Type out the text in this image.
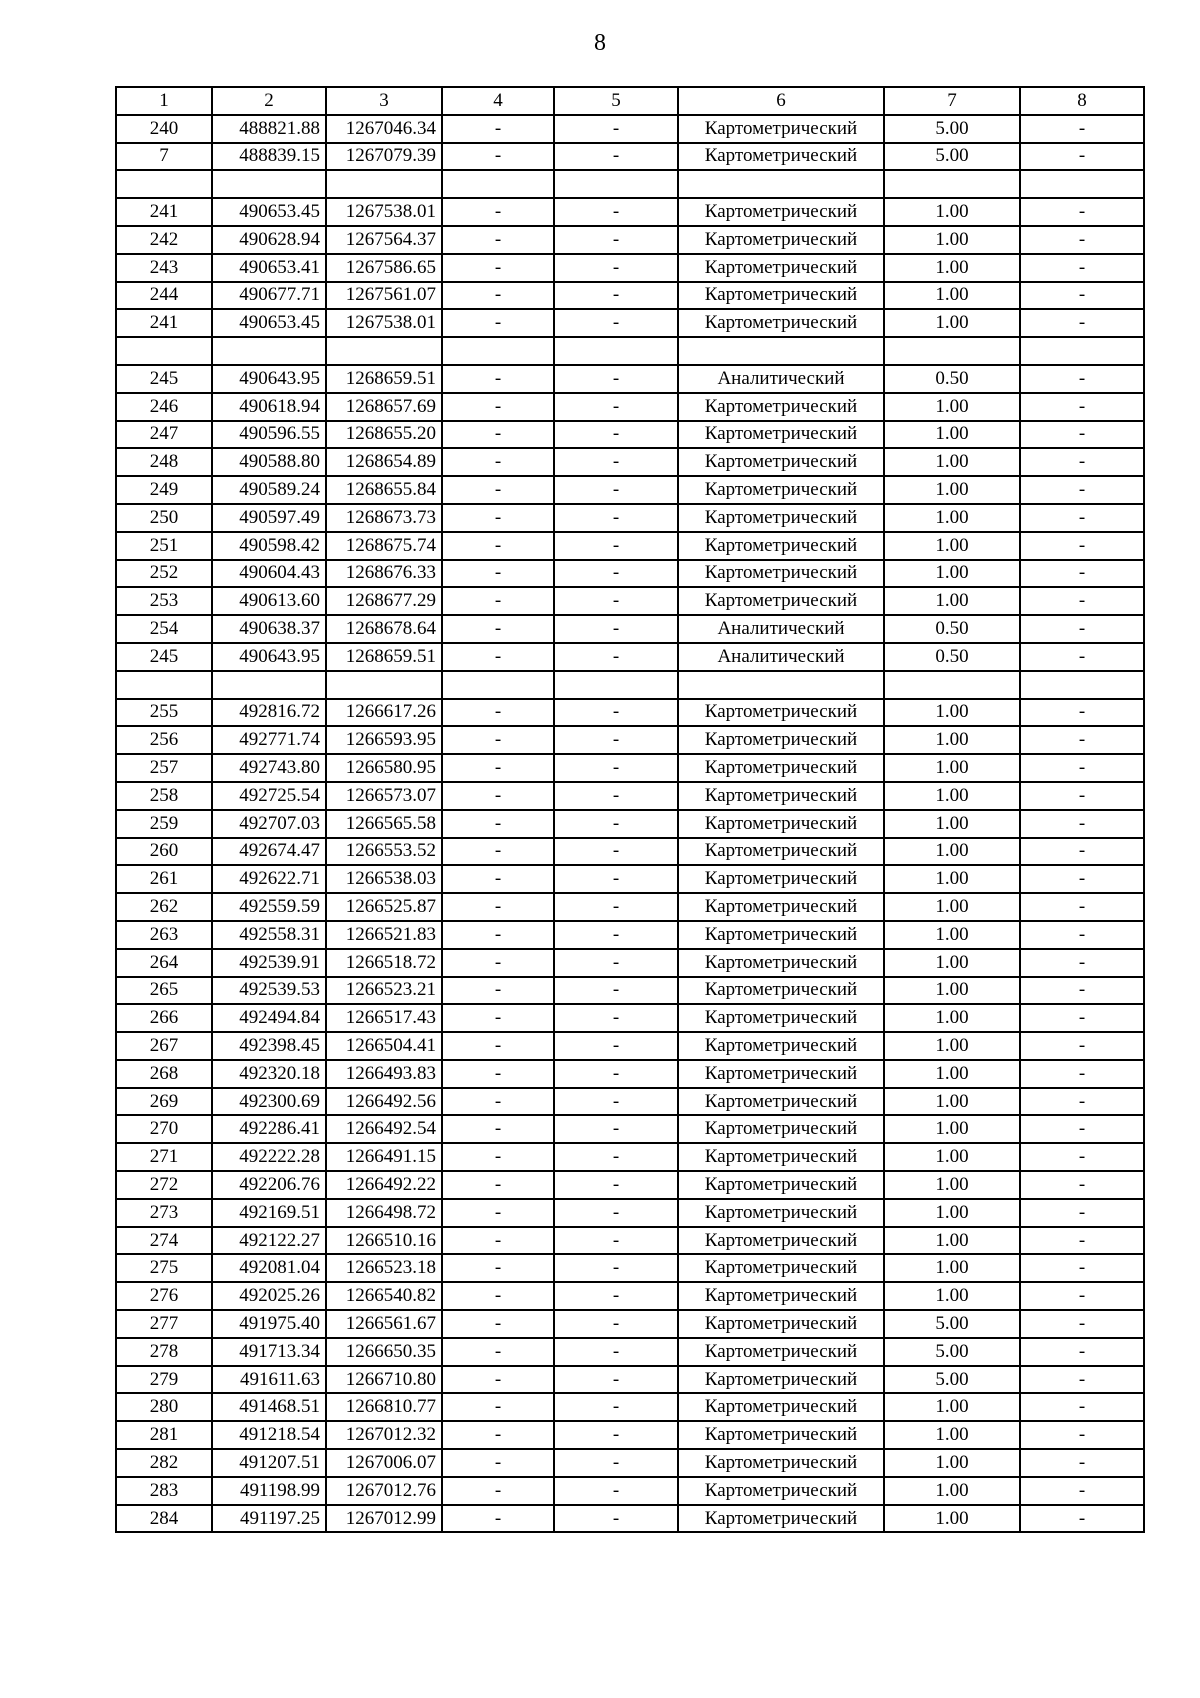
8
1	2	3	4	5	6	7	8
240	488821.88	1267046.34	-	-	Картометрический	5.00	-
7	488839.15	1267079.39	-	-	Картометрический	5.00	-

241	490653.45	1267538.01	-	-	Картометрический	1.00	-
242	490628.94	1267564.37	-	-	Картометрический	1.00	-
243	490653.41	1267586.65	-	-	Картометрический	1.00	-
244	490677.71	1267561.07	-	-	Картометрический	1.00	-
241	490653.45	1267538.01	-	-	Картометрический	1.00	-

245	490643.95	1268659.51	-	-	Аналитический	0.50	-
246	490618.94	1268657.69	-	-	Картометрический	1.00	-
247	490596.55	1268655.20	-	-	Картометрический	1.00	-
248	490588.80	1268654.89	-	-	Картометрический	1.00	-
249	490589.24	1268655.84	-	-	Картометрический	1.00	-
250	490597.49	1268673.73	-	-	Картометрический	1.00	-
251	490598.42	1268675.74	-	-	Картометрический	1.00	-
252	490604.43	1268676.33	-	-	Картометрический	1.00	-
253	490613.60	1268677.29	-	-	Картометрический	1.00	-
254	490638.37	1268678.64	-	-	Аналитический	0.50	-
245	490643.95	1268659.51	-	-	Аналитический	0.50	-

255	492816.72	1266617.26	-	-	Картометрический	1.00	-
256	492771.74	1266593.95	-	-	Картометрический	1.00	-
257	492743.80	1266580.95	-	-	Картометрический	1.00	-
258	492725.54	1266573.07	-	-	Картометрический	1.00	-
259	492707.03	1266565.58	-	-	Картометрический	1.00	-
260	492674.47	1266553.52	-	-	Картометрический	1.00	-
261	492622.71	1266538.03	-	-	Картометрический	1.00	-
262	492559.59	1266525.87	-	-	Картометрический	1.00	-
263	492558.31	1266521.83	-	-	Картометрический	1.00	-
264	492539.91	1266518.72	-	-	Картометрический	1.00	-
265	492539.53	1266523.21	-	-	Картометрический	1.00	-
266	492494.84	1266517.43	-	-	Картометрический	1.00	-
267	492398.45	1266504.41	-	-	Картометрический	1.00	-
268	492320.18	1266493.83	-	-	Картометрический	1.00	-
269	492300.69	1266492.56	-	-	Картометрический	1.00	-
270	492286.41	1266492.54	-	-	Картометрический	1.00	-
271	492222.28	1266491.15	-	-	Картометрический	1.00	-
272	492206.76	1266492.22	-	-	Картометрический	1.00	-
273	492169.51	1266498.72	-	-	Картометрический	1.00	-
274	492122.27	1266510.16	-	-	Картометрический	1.00	-
275	492081.04	1266523.18	-	-	Картометрический	1.00	-
276	492025.26	1266540.82	-	-	Картометрический	1.00	-
277	491975.40	1266561.67	-	-	Картометрический	5.00	-
278	491713.34	1266650.35	-	-	Картометрический	5.00	-
279	491611.63	1266710.80	-	-	Картометрический	5.00	-
280	491468.51	1266810.77	-	-	Картометрический	1.00	-
281	491218.54	1267012.32	-	-	Картометрический	1.00	-
282	491207.51	1267006.07	-	-	Картометрический	1.00	-
283	491198.99	1267012.76	-	-	Картометрический	1.00	-
284	491197.25	1267012.99	-	-	Картометрический	1.00	-
